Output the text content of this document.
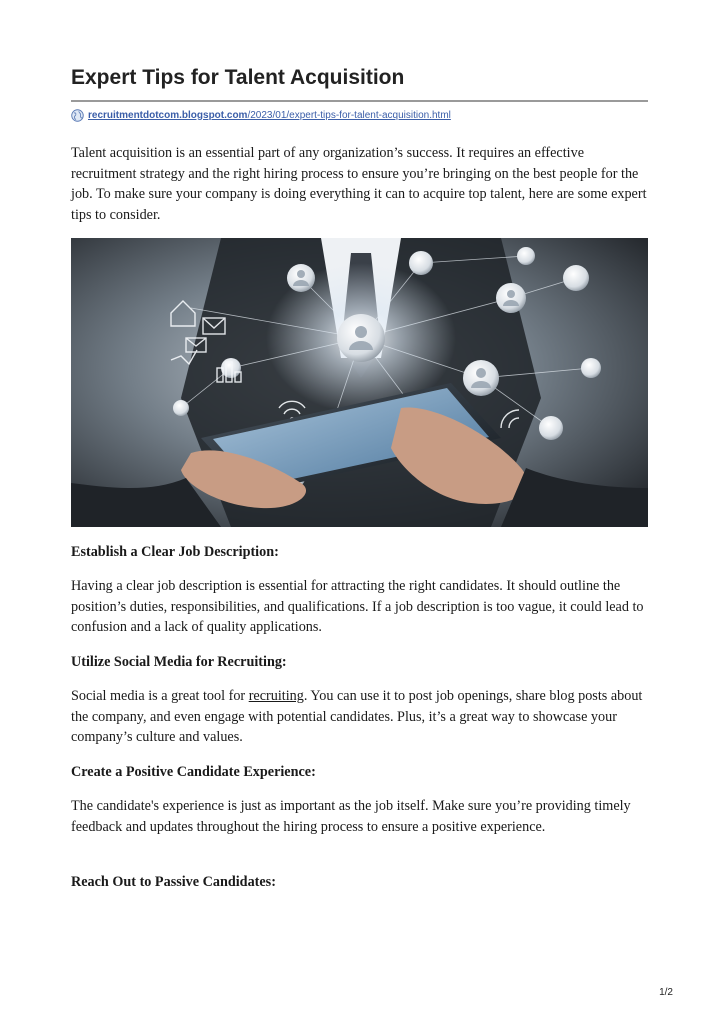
Expert Tips for Talent Acquisition
recruitmentdotcom.blogspot.com /2023/01/expert-tips-for-talent-acquisition.html

Talent acquisition is an essential part of any organization’s success. It requires an effective recruitment strategy and the right hiring process to ensure you’re bringing on the best people for the job. To make sure your company is doing everything it can to acquire top talent, here are some expert tips to consider.

Establish a Clear Job Description:

Having a clear job description is essential for attracting the right candidates. It should outline the position’s duties, responsibilities, and qualifications. If a job description is too vague, it could lead to confusion and a lack of quality applications.

Utilize Social Media for Recruiting:

Social media is a great tool for recruiting. You can use it to post job openings, share blog posts about the company, and even engage with potential candidates. Plus, it’s a great way to showcase your company’s culture and values.

Create a Positive Candidate Experience:

The candidate's experience is just as important as the job itself. Make sure you’re providing timely feedback and updates throughout the hiring process to ensure a positive experience.

Reach Out to Passive Candidates:
1/2
